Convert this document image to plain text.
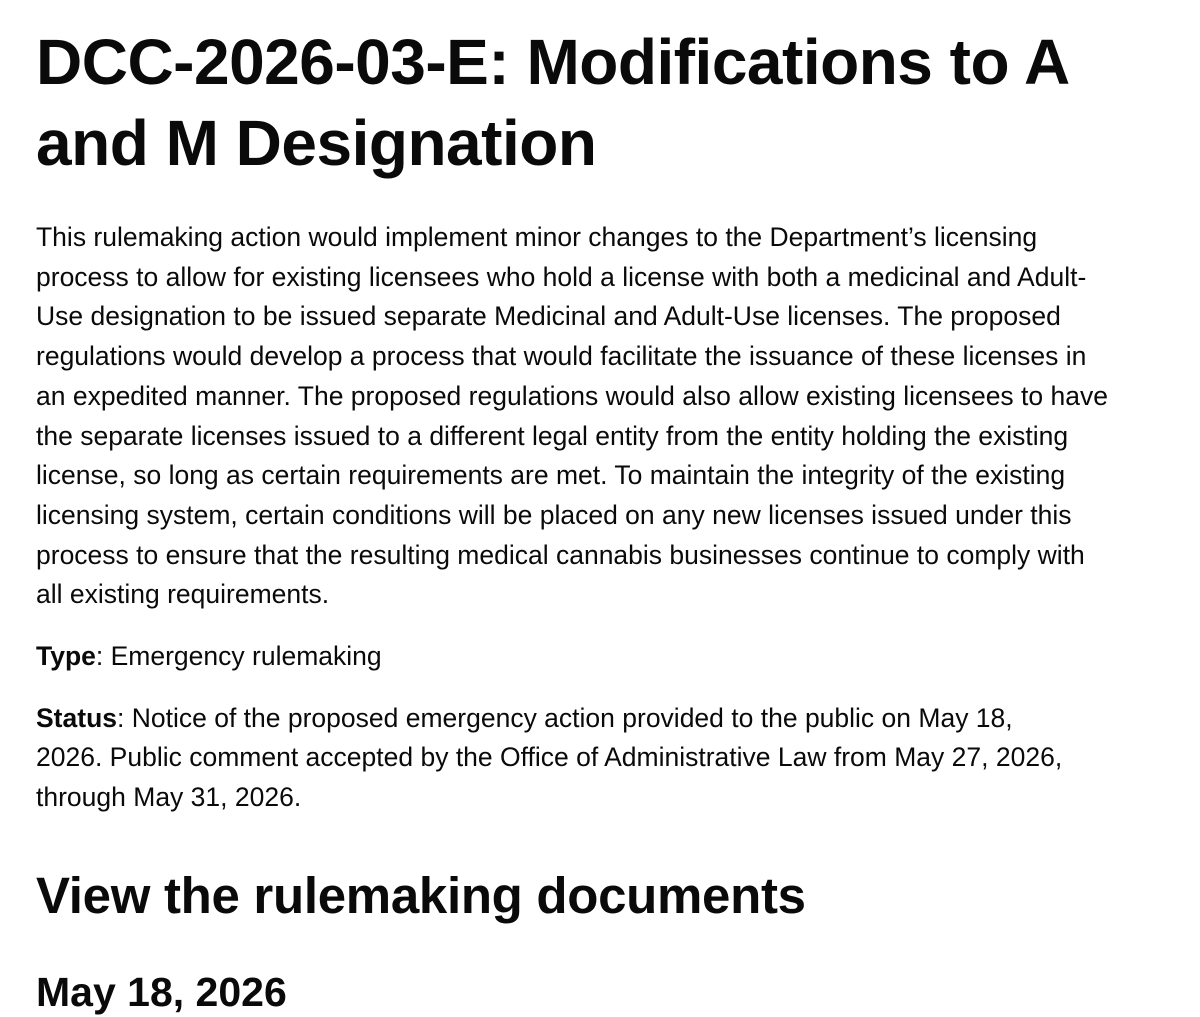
DCC-2026-03-E: Modifications to A and M Designation

This rulemaking action would implement minor changes to the Department’s licensing process to allow for existing licensees who hold a license with both a medicinal and Adult-Use designation to be issued separate Medicinal and Adult-Use licenses. The proposed regulations would develop a process that would facilitate the issuance of these licenses in an expedited manner. The proposed regulations would also allow existing licensees to have the separate licenses issued to a different legal entity from the entity holding the existing license, so long as certain requirements are met. To maintain the integrity of the existing licensing system, certain conditions will be placed on any new licenses issued under this process to ensure that the resulting medical cannabis businesses continue to comply with all existing requirements.

Type: Emergency rulemaking

Status: Notice of the proposed emergency action provided to the public on May 18, 2026. Public comment accepted by the Office of Administrative Law from May 27, 2026, through May 31, 2026.

View the rulemaking documents
May 18, 2026
